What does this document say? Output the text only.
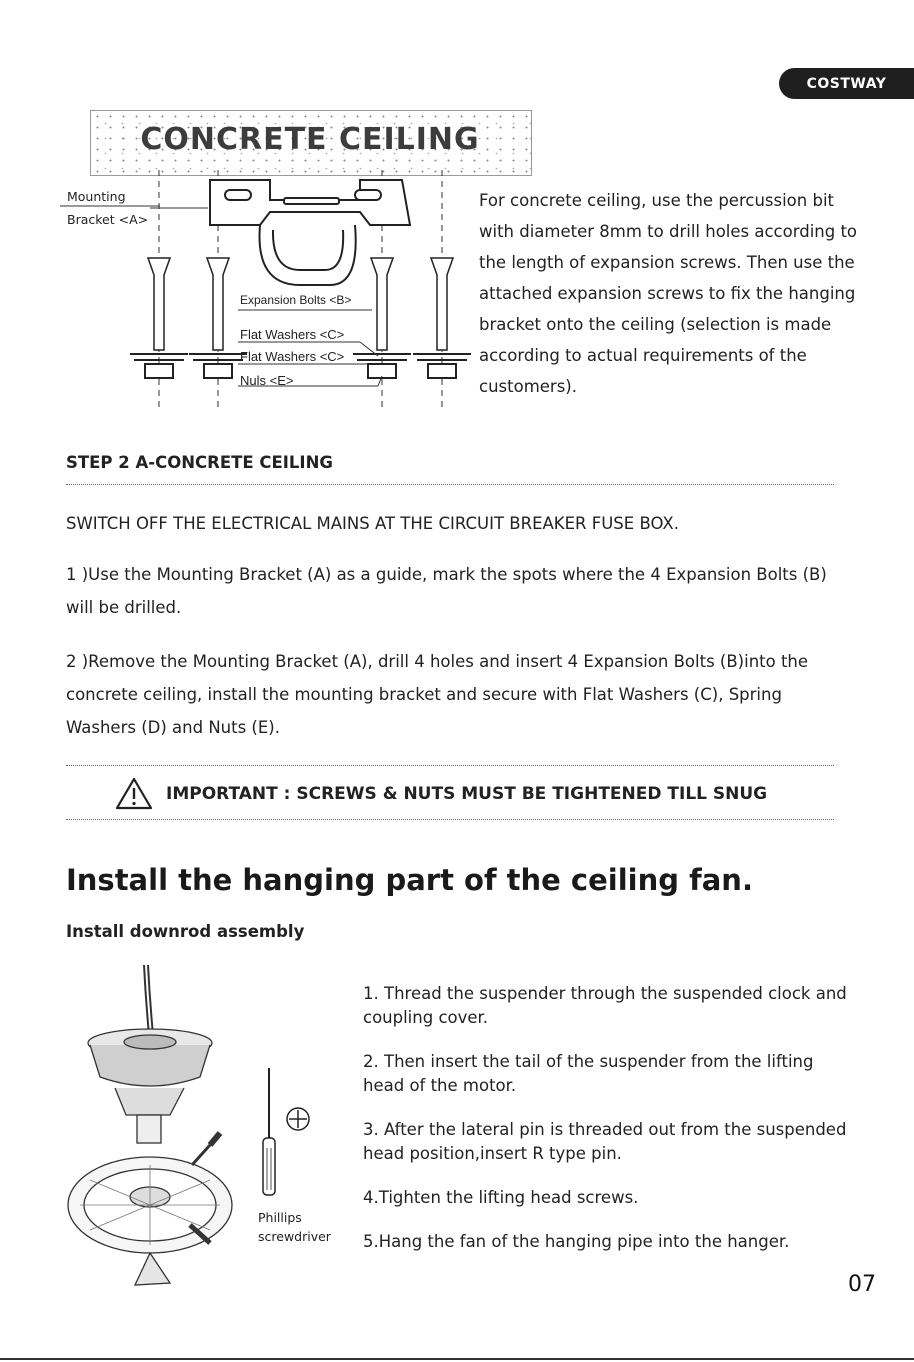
COSTWAY
CONCRETE CEILING
Mounting
Bracket <A>
Expansion Bolts <B>
Flat Washers <C>
Flat Washers <C>
Nuls <E>
For concrete ceiling, use the percussion bit with diameter 8mm to drill holes according to the length of expansion screws. Then use the attached expansion screws to fix the hanging bracket onto the ceiling (selection is made according to actual requirements of the customers).
STEP 2 A-CONCRETE CEILING
SWITCH OFF THE ELECTRICAL MAINS AT THE CIRCUIT BREAKER FUSE BOX.
1 )Use the Mounting Bracket (A) as a guide, mark the spots where the 4 Expansion Bolts (B) will be drilled.
2 )Remove the Mounting Bracket (A), drill 4 holes and insert 4 Expansion Bolts (B)into the concrete ceiling, install the mounting bracket and secure with Flat Washers (C), Spring Washers (D) and Nuts (E).
IMPORTANT : SCREWS & NUTS MUST BE TIGHTENED TILL SNUG
Install the hanging part of the ceiling fan.
Install downrod assembly
Phillips
screwdriver

1. Thread the suspender through the suspended clock and coupling cover.

2. Then insert the tail of the suspender from the lifting head of the motor.

3. After the lateral pin is threaded out from the suspended head position,insert R type pin.

4.Tighten the lifting head screws.

5.Hang the fan of the hanging pipe into the hanger.

07
